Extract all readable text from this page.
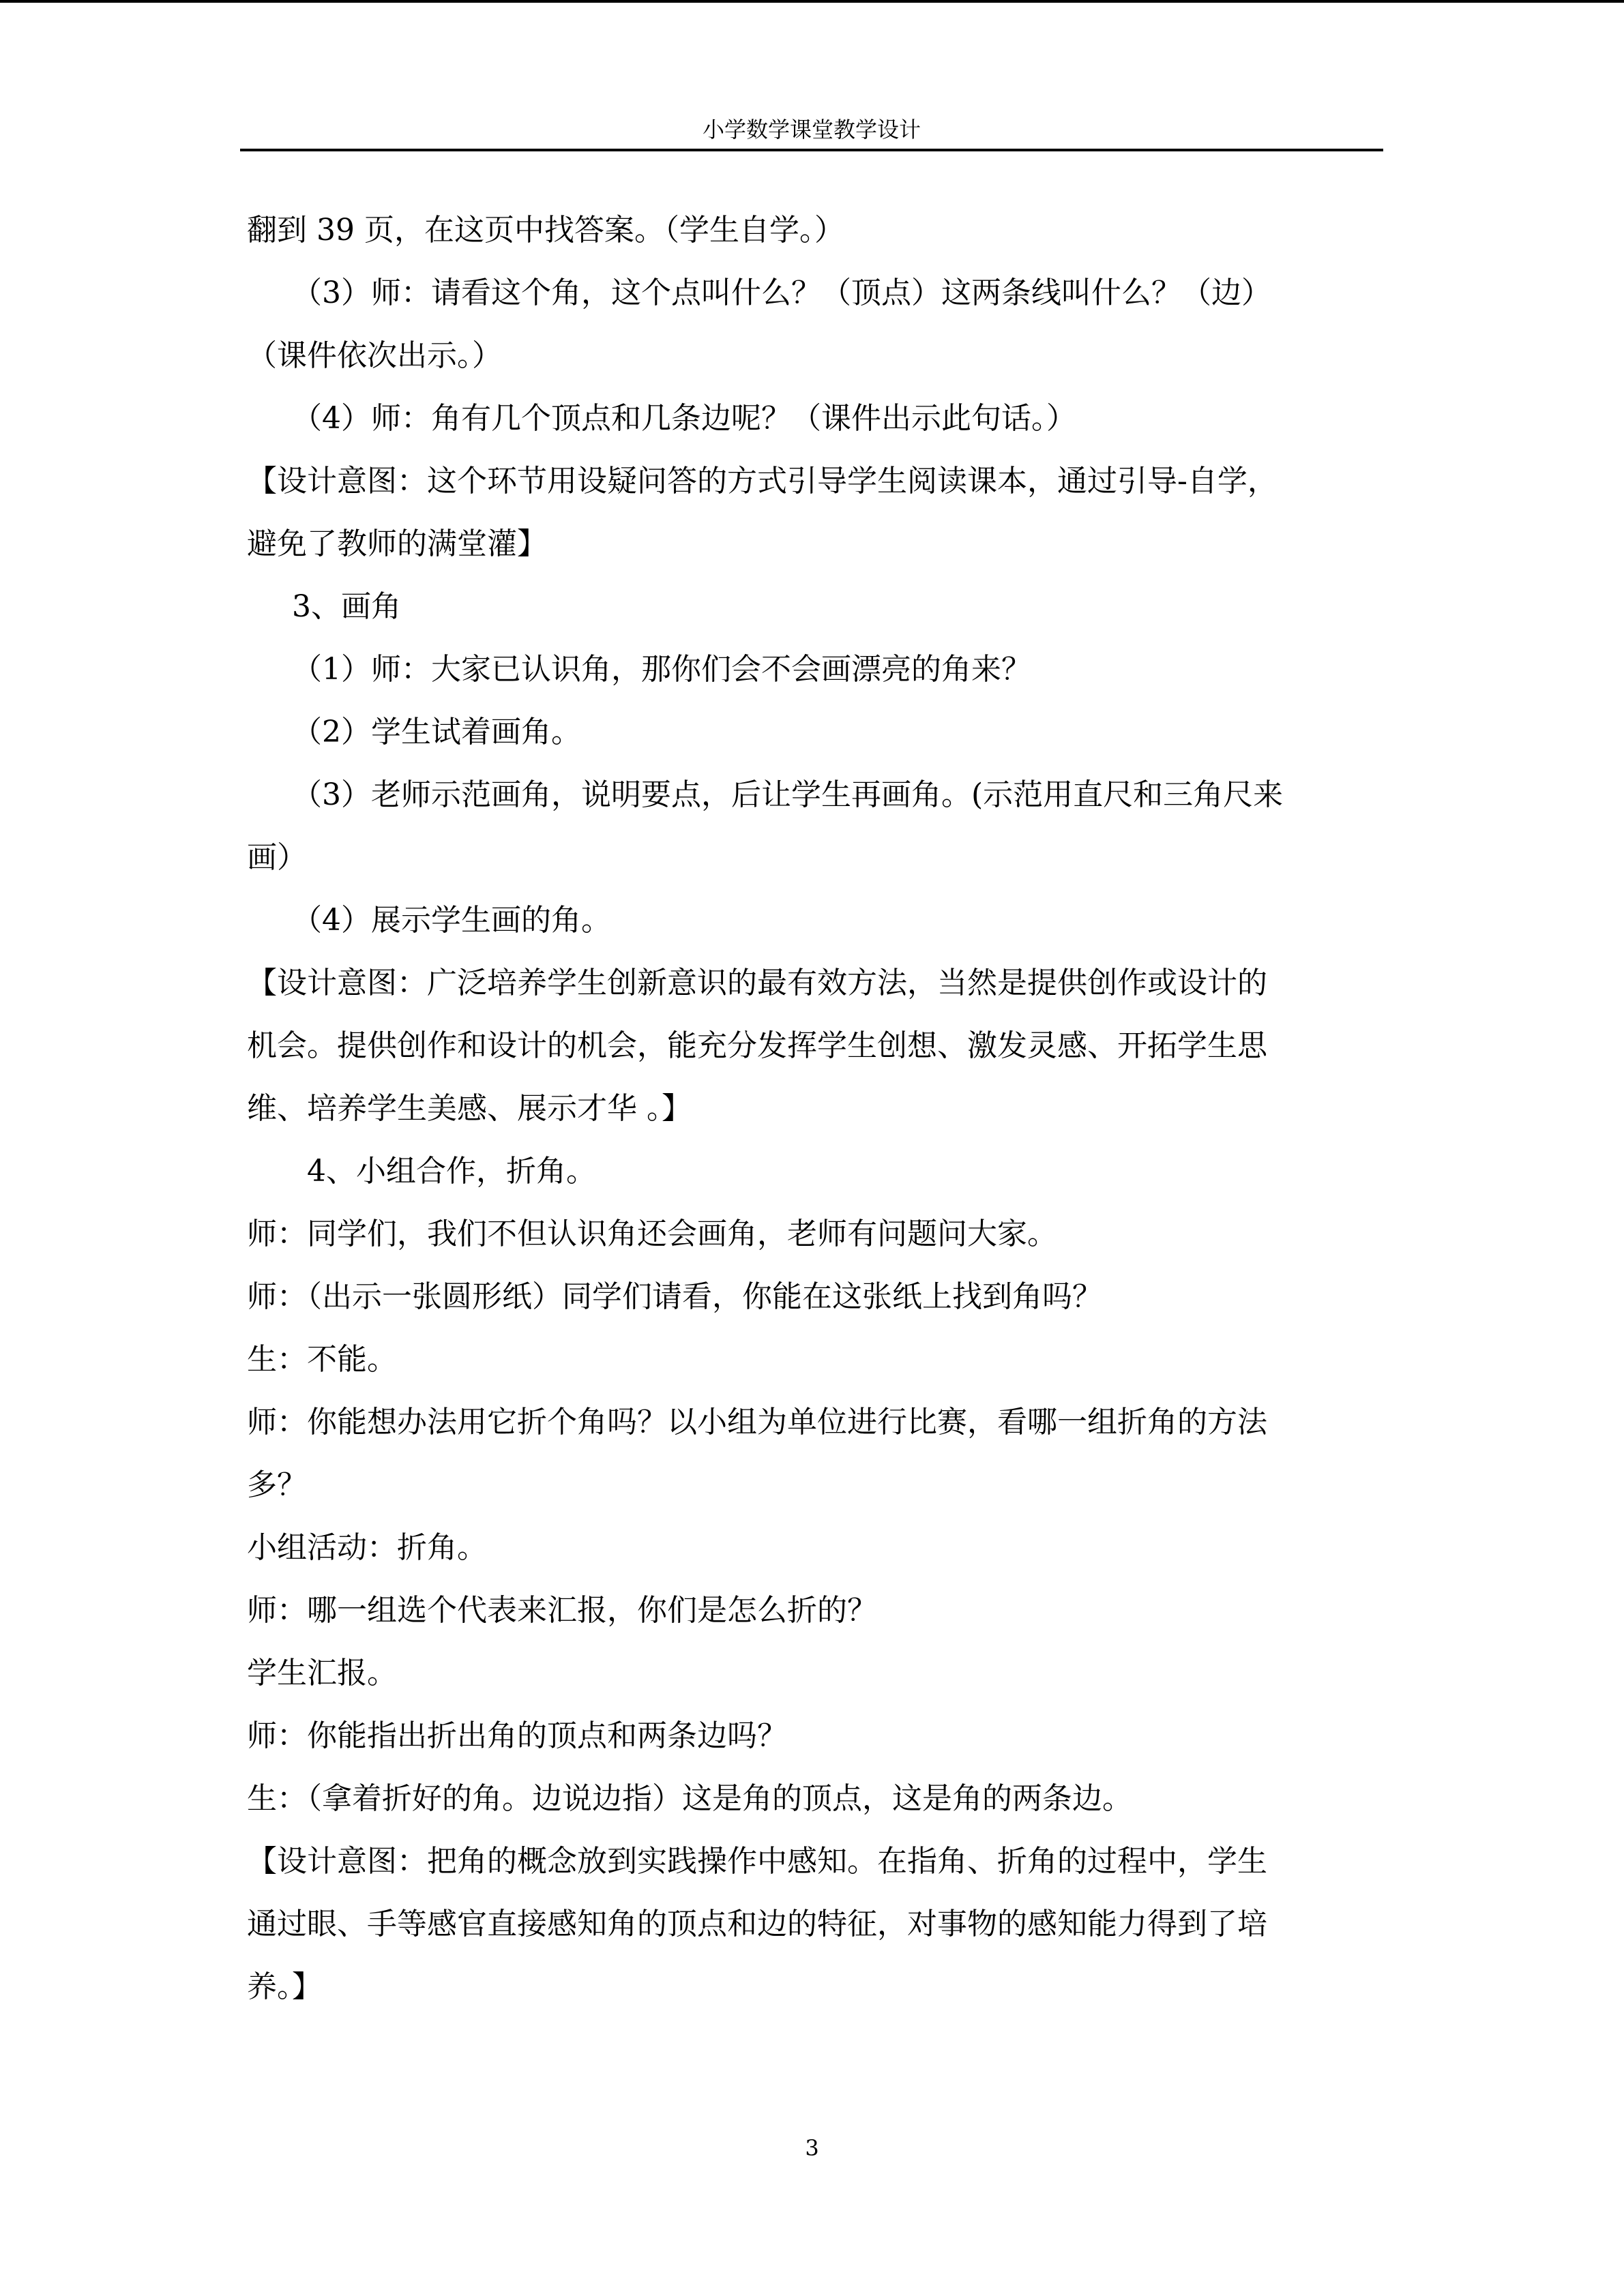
小学数学课堂教学设计

翻到 39 页，在这页中找答案。（学生自学。）

（3）师：请看这个角，这个点叫什么？（顶点）这两条线叫什么？（边）

（课件依次出示。）

（4）师：角有几个顶点和几条边呢？（课件出示此句话。）

【设计意图：这个环节用设疑问答的方式引导学生阅读课本，通过引导-自学，

避免了教师的满堂灌】

3、画角

（1）师：大家已认识角，那你们会不会画漂亮的角来？

（2）学生试着画角。

（3）老师示范画角，说明要点，后让学生再画角。(示范用直尺和三角尺来

画）

（4）展示学生画的角。

【设计意图：广泛培养学生创新意识的最有效方法，当然是提供创作或设计的

机会。提供创作和设计的机会，能充分发挥学生创想、激发灵感、开拓学生思

维、培养学生美感、展示才华 。】

4、小组合作，折角。

师：同学们，我们不但认识角还会画角，老师有问题问大家。

师：（出示一张圆形纸）同学们请看，你能在这张纸上找到角吗？

生：不能。

师：你能想办法用它折个角吗？以小组为单位进行比赛，看哪一组折角的方法

多？

小组活动：折角。

师：哪一组选个代表来汇报，你们是怎么折的？

学生汇报。

师：你能指出折出角的顶点和两条边吗？

生：（拿着折好的角。边说边指）这是角的顶点，这是角的两条边。

【设计意图：把角的概念放到实践操作中感知。在指角、折角的过程中，学生

通过眼、手等感官直接感知角的顶点和边的特征，对事物的感知能力得到了培

养。】

3
